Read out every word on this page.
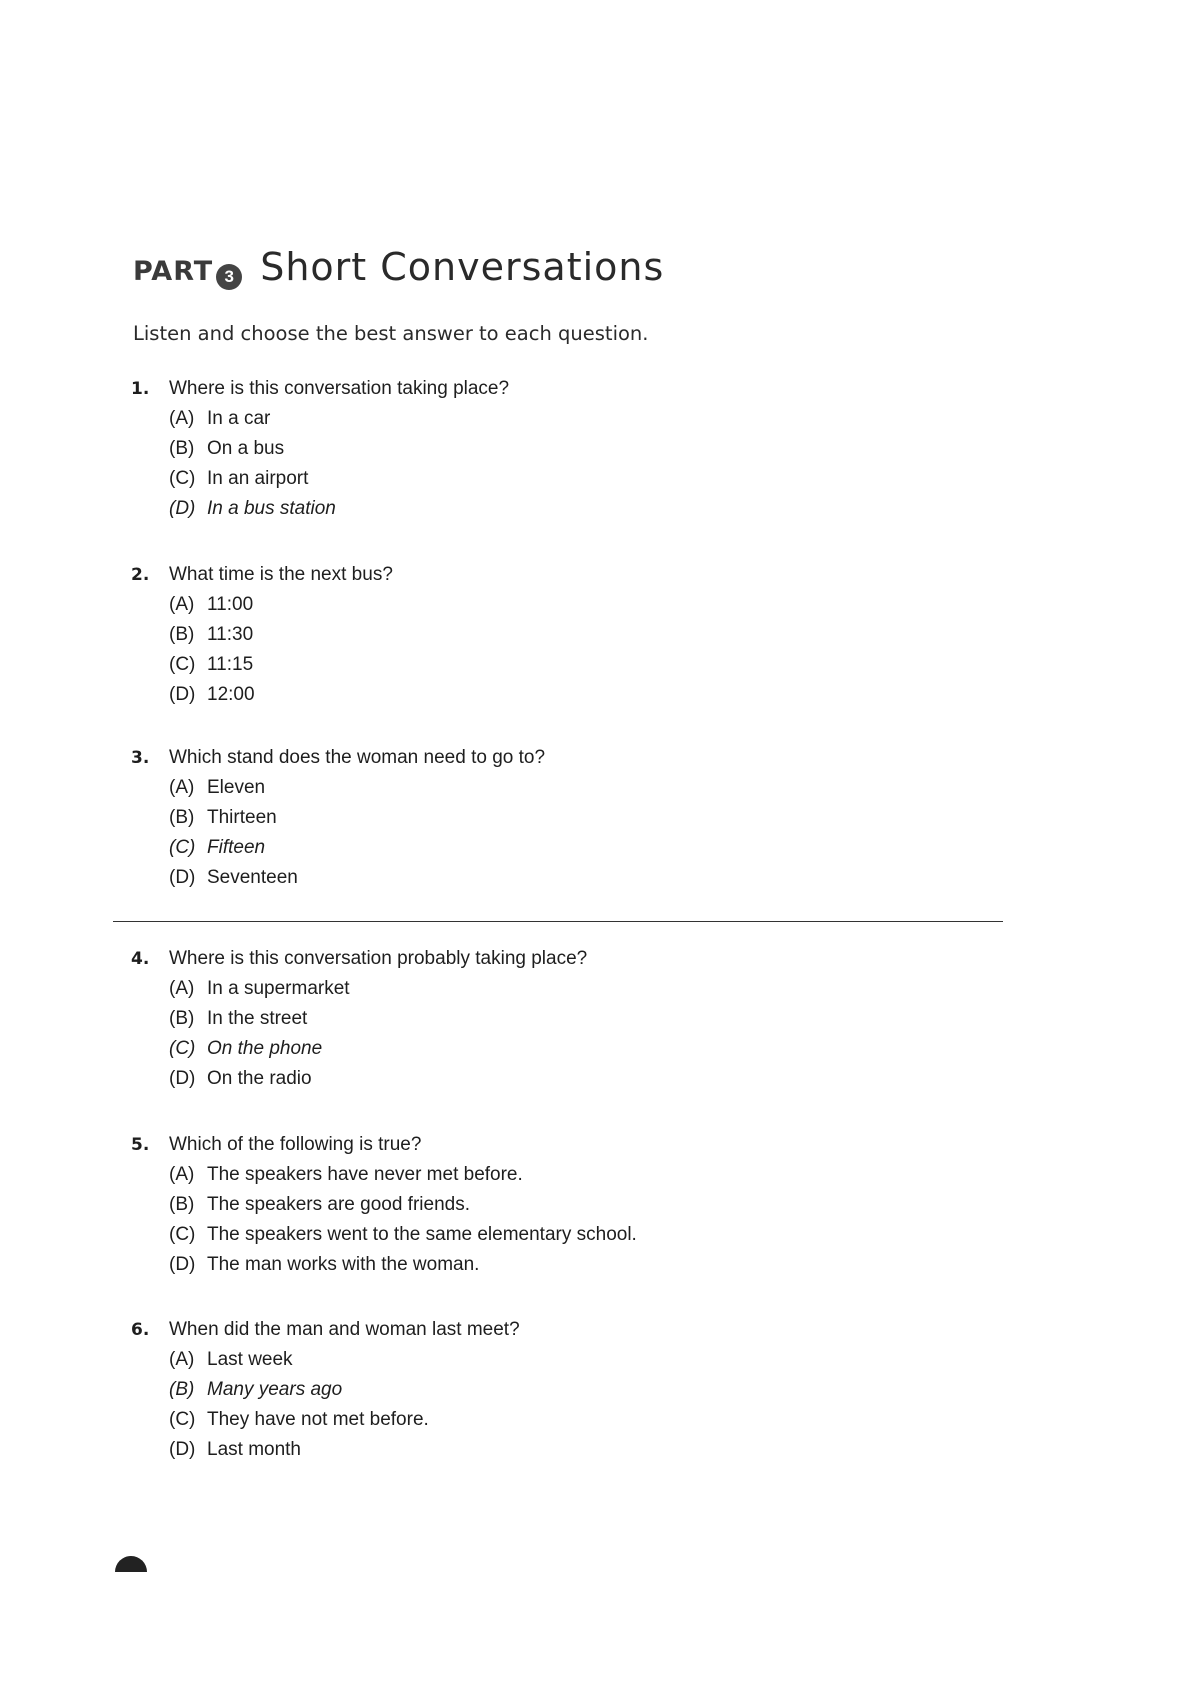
PART 3 Short Conversations
Listen and choose the best answer to each question.
1.	Where is this conversation taking place?
(A) In a car
(B) On a bus
(C) In an airport
(D) In a bus station
2.	What time is the next bus?
(A) 11:00
(B) 11:30
(C) 11:15
(D) 12:00
3.	Which stand does the woman need to go to?
(A) Eleven
(B) Thirteen
(C) Fifteen
(D) Seventeen
4.	Where is this conversation probably taking place?
(A) In a supermarket
(B) In the street
(C) On the phone
(D) On the radio
5.	Which of the following is true?
(A) The speakers have never met before.
(B) The speakers are good friends.
(C) The speakers went to the same elementary school.
(D) The man works with the woman.
6.	When did the man and woman last meet?
(A) Last week
(B) Many years ago
(C) They have not met before.
(D) Last month
